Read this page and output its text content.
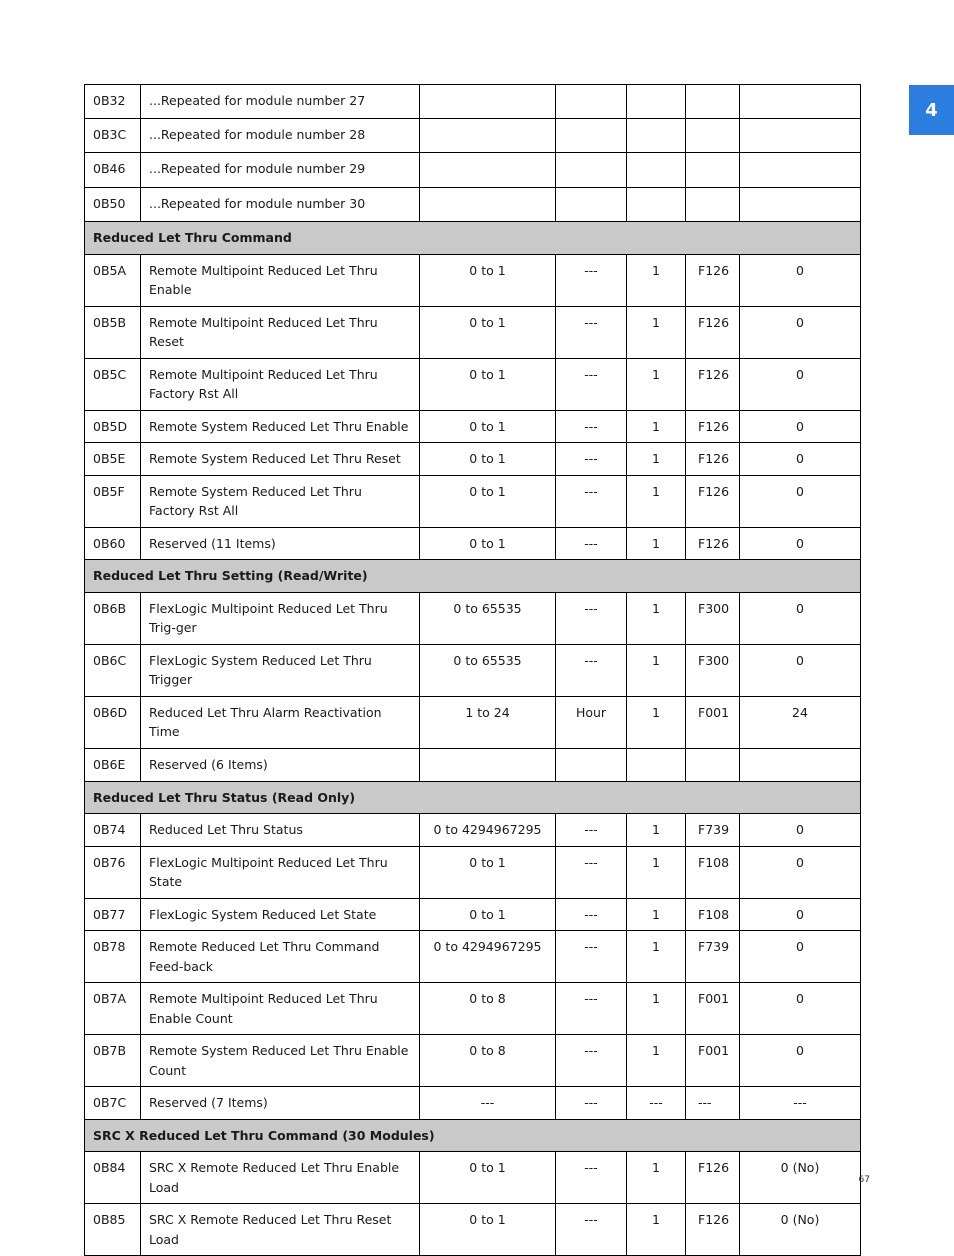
4
0B32	...Repeated for module number 27					
0B3C	...Repeated for module number 28					
0B46	...Repeated for module number 29					
0B50	...Repeated for module number 30					
Reduced Let Thru Command						
0B5A	Remote Multipoint Reduced Let Thru Enable	0 to 1	---	1	F126	0
0B5B	Remote Multipoint Reduced Let Thru Reset	0 to 1	---	1	F126	0
0B5C	Remote Multipoint Reduced Let Thru Factory Rst All	0 to 1	---	1	F126	0
0B5D	Remote System Reduced Let Thru Enable	0 to 1	---	1	F126	0
0B5E	Remote System Reduced Let Thru Reset	0 to 1	---	1	F126	0
0B5F	Remote System Reduced Let Thru Factory Rst All	0 to 1	---	1	F126	0
0B60	Reserved (11 Items)	0 to 1	---	1	F126	0
Reduced Let Thru Setting (Read/Write)						
0B6B	FlexLogic Multipoint Reduced Let Thru Trig-ger	0 to 65535	---	1	F300	0
0B6C	FlexLogic System Reduced Let Thru Trigger	0 to 65535	---	1	F300	0
0B6D	Reduced Let Thru Alarm Reactivation Time	1 to 24	Hour	1	F001	24
0B6E	Reserved (6 Items)					
Reduced Let Thru Status (Read Only)						
0B74	Reduced Let Thru Status	0 to 4294967295	---	1	F739	0
0B76	FlexLogic Multipoint Reduced Let Thru State	0 to 1	---	1	F108	0
0B77	FlexLogic System Reduced Let State	0 to 1	---	1	F108	0
0B78	Remote Reduced Let Thru Command Feed-back	0 to 4294967295	---	1	F739	0
0B7A	Remote Multipoint Reduced Let Thru Enable Count	0 to 8	---	1	F001	0
0B7B	Remote System Reduced Let Thru Enable Count	0 to 8	---	1	F001	0
0B7C	Reserved (7 Items)	---	---	---	---	---
SRC X Reduced Let Thru Command (30 Modules)						
0B84	SRC X Remote Reduced Let Thru Enable Load	0 to 1	---	1	F126	0 (No)
0B85	SRC X Remote Reduced Let Thru Reset Load	0 to 1	---	1	F126	0 (No)
67
